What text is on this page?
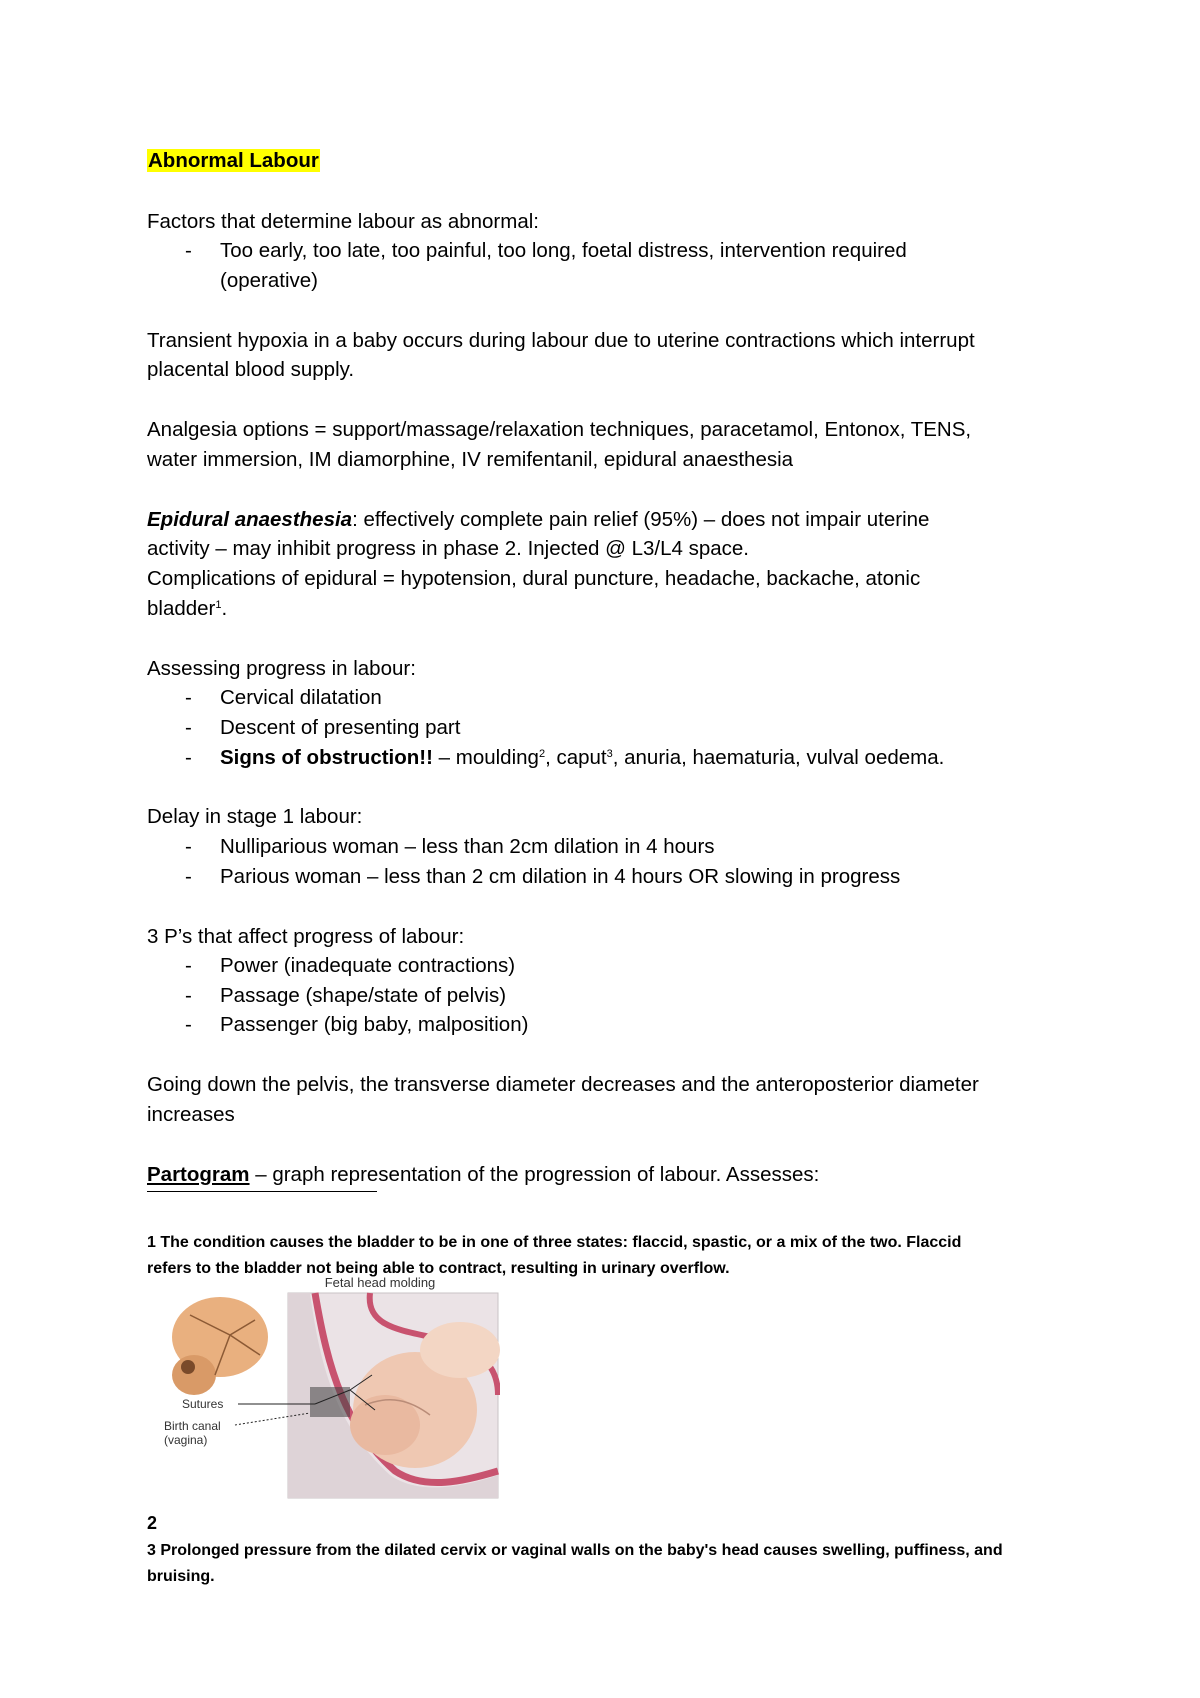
Abnormal Labour
Factors that determine labour as abnormal:
- Too early, too late, too painful, too long, foetal distress, intervention required
(operative)
Transient hypoxia in a baby occurs during labour due to uterine contractions which interrupt
placental blood supply.
Analgesia options = support/massage/relaxation techniques, paracetamol, Entonox, TENS,
water immersion, IM diamorphine, IV remifentanil, epidural anaesthesia
Epidural anaesthesia: effectively complete pain relief (95%) – does not impair uterine
activity – may inhibit progress in phase 2. Injected @ L3/L4 space.
Complications of epidural = hypotension, dural puncture, headache, backache, atonic
bladder$^1$.
Assessing progress in labour:
- Cervical dilatation
- Descent of presenting part
- Signs of obstruction!! – moulding$^2$, caput$^3$, anuria, haematuria, vulval oedema.
Delay in stage 1 labour:
- Nulliparious woman – less than 2cm dilation in 4 hours
- Parious woman – less than 2 cm dilation in 4 hours OR slowing in progress
3 P’s that affect progress of labour:
- Power (inadequate contractions)
- Passage (shape/state of pelvis)
- Passenger (big baby, malposition)
Going down the pelvis, the transverse diameter decreases and the anteroposterior diameter
increases
Partogram – graph representation of the progression of labour. Assesses:
1 The condition causes the bladder to be in one of three states: flaccid, spastic, or a mix of the two. Flaccid
refers to the bladder not being able to contract, resulting in urinary overflow.
Fetal head molding
Sutures
Birth canal
(vagina)
2
3 Prolonged pressure from the dilated cervix or vaginal walls on the baby's head causes swelling, puffiness, and
bruising.
